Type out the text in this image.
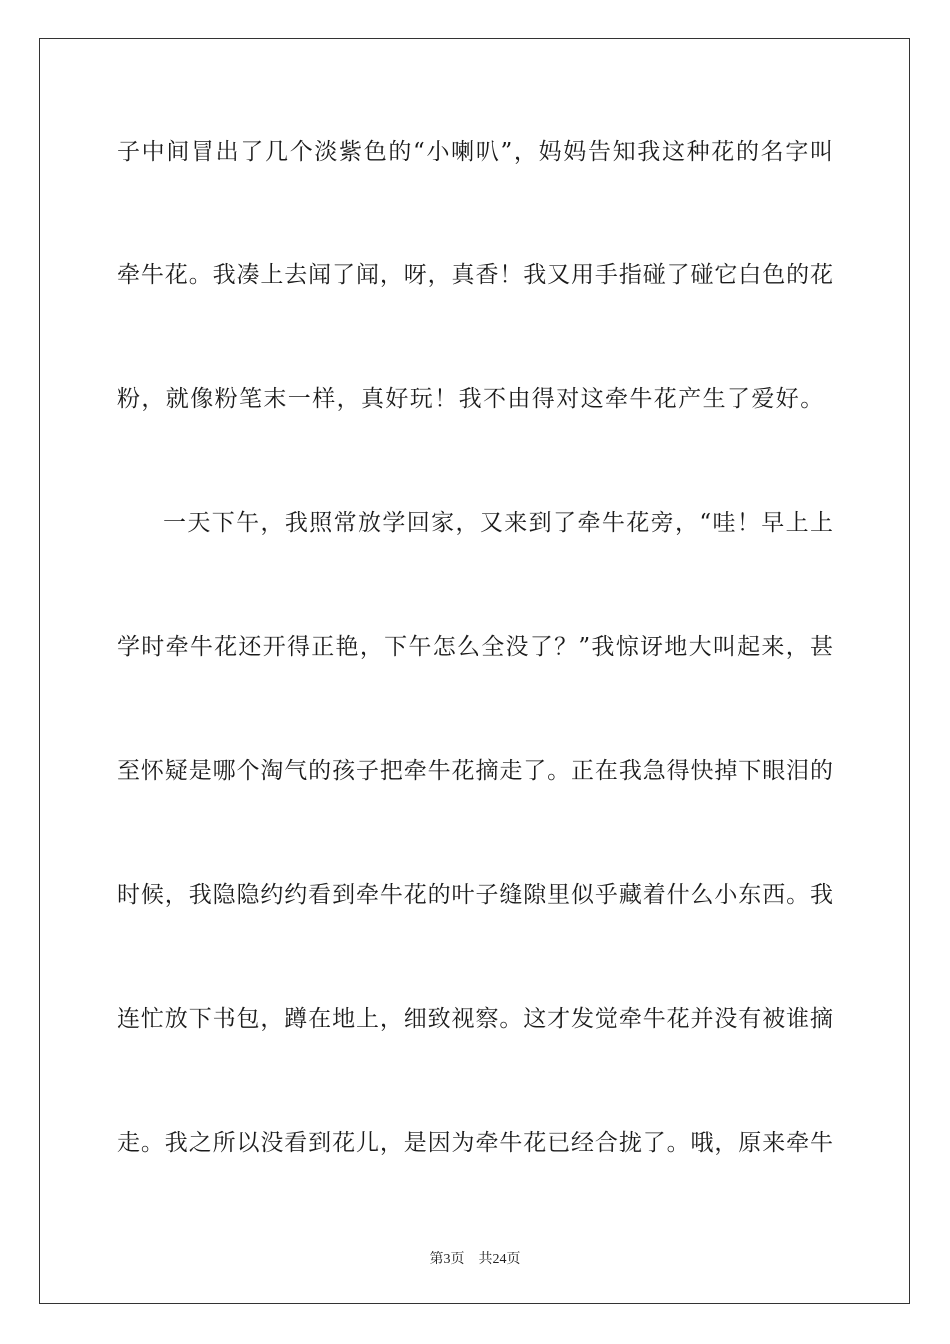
子中间冒出了几个淡紫色的“小喇叭”，妈妈告知我这种花的名字叫
牵牛花。我凑上去闻了闻，呀，真香！我又用手指碰了碰它白色的花
粉，就像粉笔末一样，真好玩！我不由得对这牵牛花产生了爱好。
一天下午，我照常放学回家，又来到了牵牛花旁，“哇！早上上
学时牵牛花还开得正艳，下午怎么全没了？”我惊讶地大叫起来，甚
至怀疑是哪个淘气的孩子把牵牛花摘走了。正在我急得快掉下眼泪的
时候，我隐隐约约看到牵牛花的叶子缝隙里似乎藏着什么小东西。我
连忙放下书包，蹲在地上，细致视察。这才发觉牵牛花并没有被谁摘
走。我之所以没看到花儿，是因为牵牛花已经合拢了。哦，原来牵牛
第3页 共24页
